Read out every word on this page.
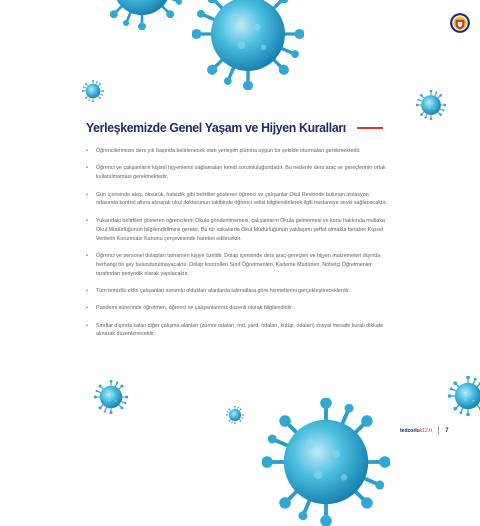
Yerleşkemizde Genel Yaşam ve Hijyen Kuralları
• Öğrencilerimizin ders yılı başında belirlenecek olan yerleşim planına uygun bir şekilde oturmaları gerekmektedir.
• Öğrenci ve çalışanların kişisel hijyenlerini sağlamaları kendi sorumluluğundadır. Bu nedenle ders araç ve gereçlerinin ortak kullanılmaması gerekmektedir.
• Gün içerisinde ateş, öksürük, halsizlik gibi belirtiler gösteren öğrenci ve çalışanlar Okul Revirinde bulunan izolasyon odasında kontrol altına alınarak okul doktorunun takibinde öğrenci velisi bilgilendirilerek ilgili hastaneye sevki sağlanacaktır.
• Yukarıdaki belirtileri gösteren öğrencilerin Okula gönderilmemesi, çalışanların Okula gelmemesi ve konu hakkında mutlaka Okul Müdürlüğünün bilgilendirilmesi gerekir. Bu tür vakalarda Okul Müdürlüğünün yaklaşımı şeffaf olmakla beraber Kişisel Verilerin Korunması Kanunu çerçevesinde hareket edilecektir.
• Öğrenci ve personel dolapları tamamen kişiye özeldir. Dolap içerisinde ders araç-gereçleri ve hijyen malzemeleri dışında herhangi bir şey bulundurulmayacaktır. Dolap kontrolleri Sınıf Öğretmenleri, Kademe Müdürleri, Nöbetçi Öğretmenler tarafından periyodik olarak yapılacaktır.
• Tüm temizlik ekibi çalışanları sorumlu oldukları alanlarda talimatlara göre hizmetlerini gerçekleştireceklerdir.
• Pandemi sürecinde öğretmen, öğrenci ve çalışanlarımız düzenli olarak bilgilendirilir.
• Sınıflar dışında kalan diğer çalışma alanları (zümre odaları, md. yard. odaları, kütüp. odaları) sosyal mesafe kuralı dikkate alınarak düzenlenecektir.
tedcorluk12.tr 7
